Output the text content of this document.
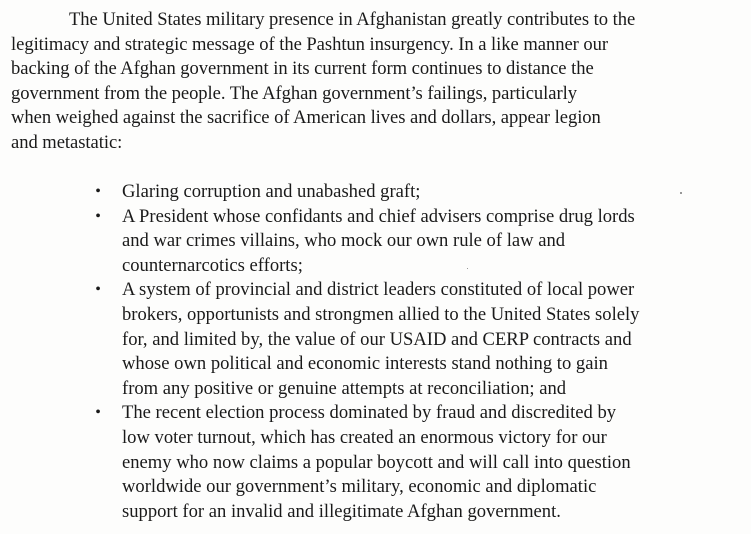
The United States military presence in Afghanistan greatly contributes to the
legitimacy and strategic message of the Pashtun insurgency. In a like manner our
backing of the Afghan government in its current form continues to distance the
government from the people. The Afghan government’s failings, particularly
when weighed against the sacrifice of American lives and dollars, appear legion
and metastatic:

•	Glaring corruption and unabashed graft;
•	A President whose confidants and chief advisers comprise drug lords
and war crimes villains, who mock our own rule of law and
counternarcotics efforts;
•	A system of provincial and district leaders constituted of local power
brokers, opportunists and strongmen allied to the United States solely
for, and limited by, the value of our USAID and CERP contracts and
whose own political and economic interests stand nothing to gain
from any positive or genuine attempts at reconciliation; and
•	The recent election process dominated by fraud and discredited by
low voter turnout, which has created an enormous victory for our
enemy who now claims a popular boycott and will call into question
worldwide our government’s military, economic and diplomatic
support for an invalid and illegitimate Afghan government.
